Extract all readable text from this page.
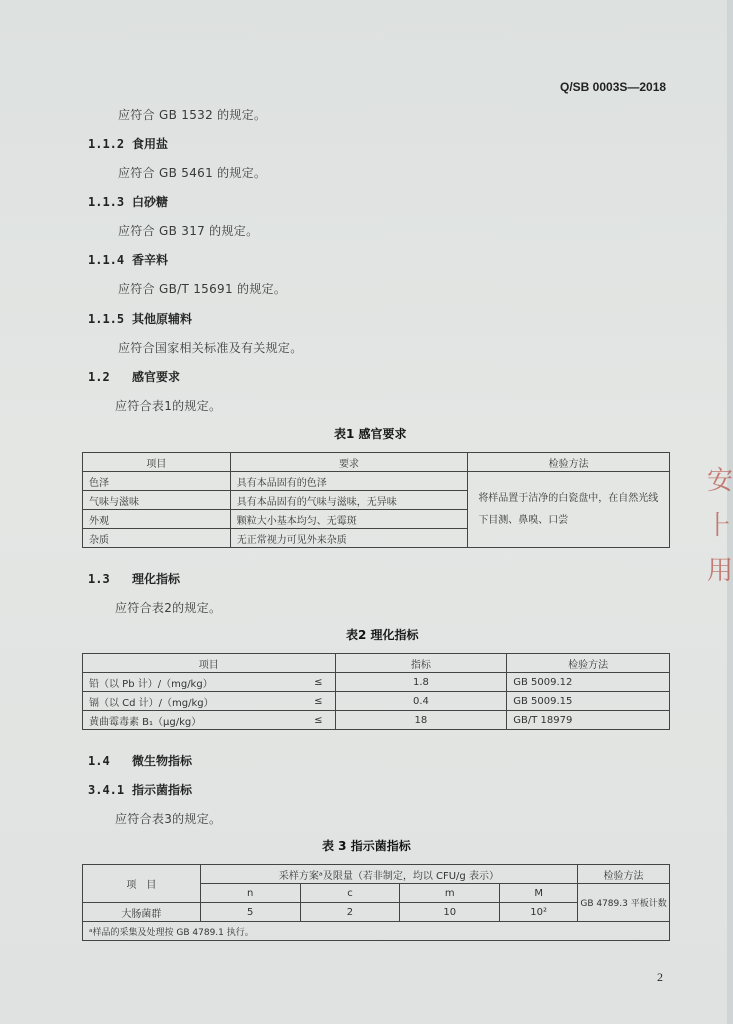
Q/SB 0003S—2018
应符合 GB 1532 的规定。
1.1.2 食用盐
应符合 GB 5461 的规定。
1.1.3 白砂糖
应符合 GB 317 的规定。
1.1.4 香辛料
应符合 GB/T 15691 的规定。
1.1.5 其他原辅料
应符合国家相关标准及有关规定。
1.2 感官要求
应符合表1的规定。
表1 感官要求
项目	要求	检验方法
色泽	具有本品固有的色泽	将样品置于洁净的白瓷盘中，在自然光线下目测、鼻嗅、口尝
气味与滋味	具有本品固有的气味与滋味，无异味	
外观	颗粒大小基本均匀、无霉斑	
杂质	无正常视力可见外来杂质	
1.3 理化指标
应符合表2的规定。
表2 理化指标
项目		指标	检验方法
铅（以 Pb 计）/（mg/kg）	≤	1.8	GB 5009.12
镉（以 Cd 计）/（mg/kg）	≤	0.4	GB 5009.15
黄曲霉毒素 B₁（μg/kg）	≤	18	GB/T 18979
1.4 微生物指标
3.4.1 指示菌指标
应符合表3的规定。
表 3 指示菌指标
项　目	采样方案ᵃ及限量（若非制定，均以 CFU/g 表示）				检验方法
	n	c	m	M	GB 4789.3 平板计数
大肠菌群	5	2	10	10²	
ᵃ样品的采集及处理按 GB 4789.1 执行。					
安
⺊
用
2
